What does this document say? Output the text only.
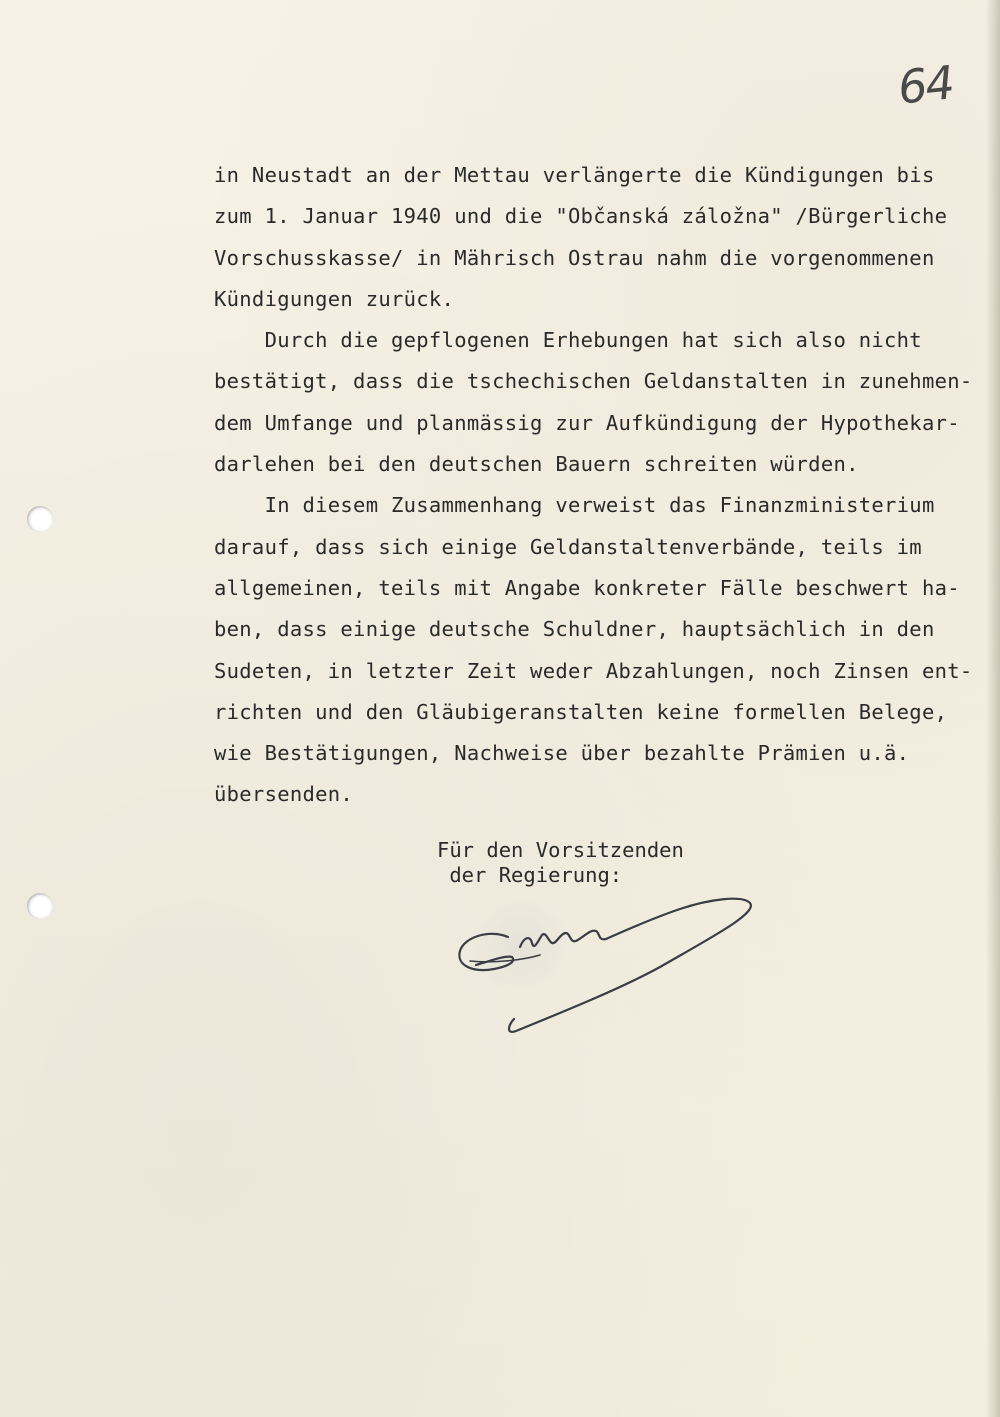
64
in Neustadt an der Mettau verlängerte die Kündigungen bis
zum 1. Januar 1940 und die "Občanská záložna" /Bürgerliche
Vorschusskasse/ in Mährisch Ostrau nahm die vorgenommenen
Kündigungen zurück.
Durch die gepflogenen Erhebungen hat sich also nicht
bestätigt, dass die tschechischen Geldanstalten in zunehmen-
dem Umfange und planmässig zur Aufkündigung der Hypothekar-
darlehen bei den deutschen Bauern schreiten würden.
In diesem Zusammenhang verweist das Finanzministerium
darauf, dass sich einige Geldanstaltenverbände, teils im
allgemeinen, teils mit Angabe konkreter Fälle beschwert ha-
ben, dass einige deutsche Schuldner, hauptsächlich in den
Sudeten, in letzter Zeit weder Abzahlungen, noch Zinsen ent-
richten und den Gläubigeranstalten keine formellen Belege,
wie Bestätigungen, Nachweise über bezahlte Prämien u.ä.
übersenden.
Für den Vorsitzenden
der Regierung:
